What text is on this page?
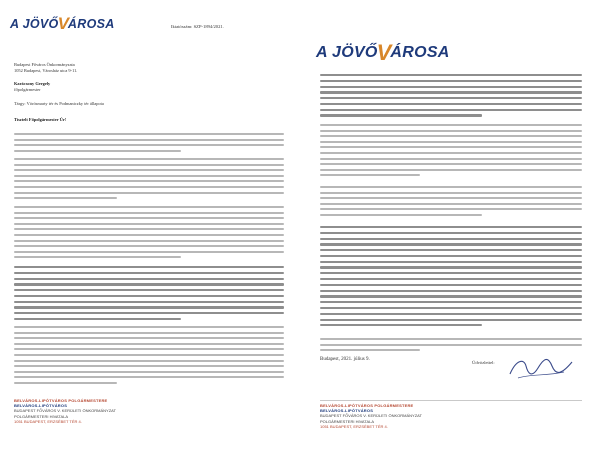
A JÖVŐ V ÁROSA	Iktatószám: SZP-1894/2021.
Budapest Főváros Önkormányzata
1052 Budapest, Városház utca 9-11.
Karácsony Gergely
főpolgármester
Tárgy: Vörösmarty tér és Podmaniczky tér állapota
Tisztelt Főpolgármester Úr!
BELVÁROS-LIPÓTVÁROS POLGÁRMESTERE
BELVÁROS-LIPÓTVÁROS
BUDAPEST FŐVÁROS V. KERÜLETI ÖNKORMÁNYZAT
POLGÁRMESTERI HIVATALA
1051 BUDAPEST, ERZSÉBET TÉR 4.
A JÖVŐ V ÁROSA
Budapest, 2021. július 9.
Üdvözlettel:
BELVÁROS-LIPÓTVÁROS POLGÁRMESTERE
BELVÁROS-LIPÓTVÁROS
BUDAPEST FŐVÁROS V. KERÜLETI ÖNKORMÁNYZAT
POLGÁRMESTERI HIVATALA
1051 BUDAPEST, ERZSÉBET TÉR 4.
